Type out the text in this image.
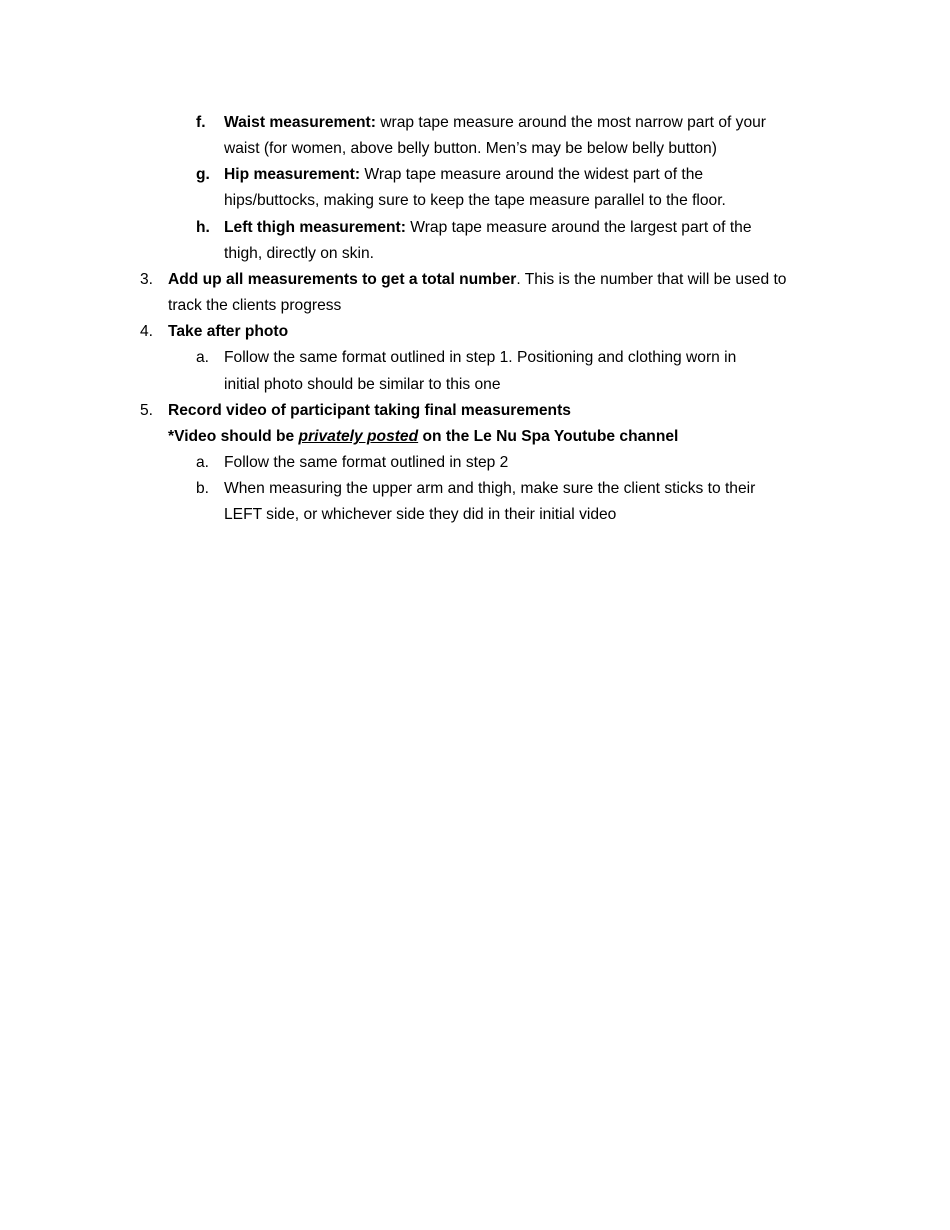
f. Waist measurement: wrap tape measure around the most narrow part of your
waist (for women, above belly button. Men’s may be below belly button)
g. Hip measurement: Wrap tape measure around the widest part of the
hips/buttocks, making sure to keep the tape measure parallel to the floor.
h. Left thigh measurement: Wrap tape measure around the largest part of the
thigh, directly on skin.
3. Add up all measurements to get a total number. This is the number that will be used to
track the clients progress
4. Take after photo
a. Follow the same format outlined in step 1. Positioning and clothing worn in
initial photo should be similar to this one
5. Record video of participant taking final measurements
*Video should be privately posted on the Le Nu Spa Youtube channel
a. Follow the same format outlined in step 2
b. When measuring the upper arm and thigh, make sure the client sticks to their
LEFT side, or whichever side they did in their initial video
